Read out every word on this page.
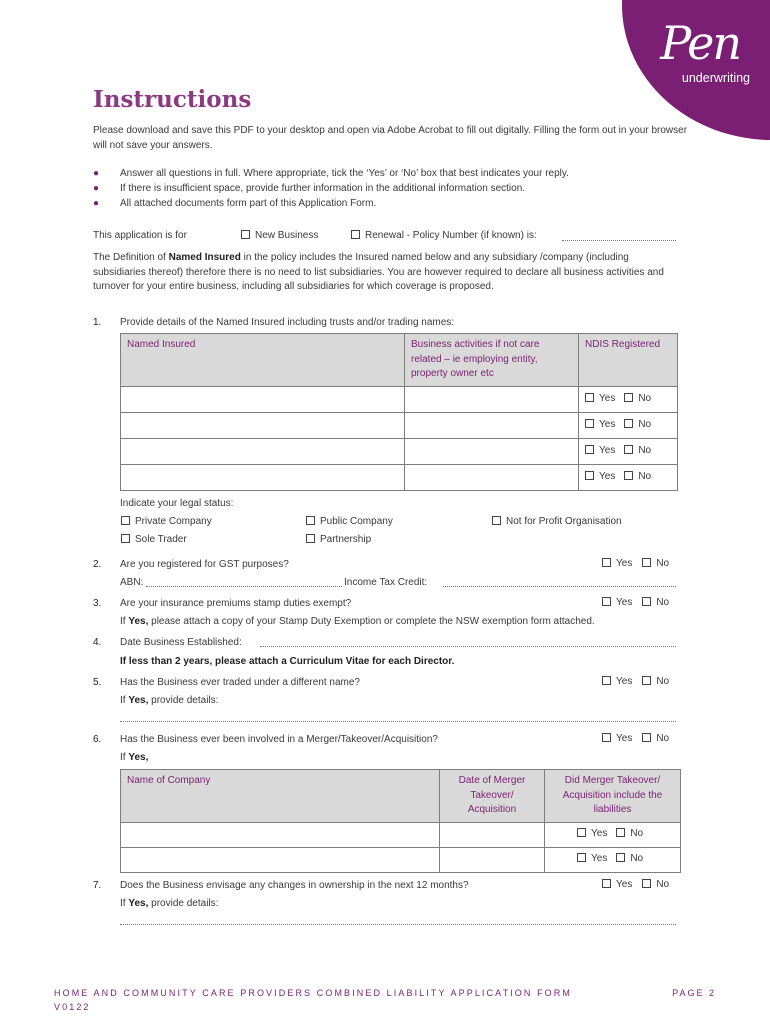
Pen
underwriting
Instructions
Please download and save this PDF to your desktop and open via Adobe Acrobat to fill out digitally. Filling the form out in your browser will not save your answers.
● Answer all questions in full. Where appropriate, tick the ‘Yes’ or ‘No’ box that best indicates your reply.
● If there is insufficient space, provide further information in the additional information section.
● All attached documents form part of this Application Form.
This application is for	New Business	Renewal - Policy Number (if known) is:
The Definition of Named Insured in the policy includes the Insured named below and any subsidiary /company (including subsidiaries thereof) therefore there is no need to list subsidiaries. You are however required to declare all business activities and turnover for your entire business, including all subsidiaries for which coverage is proposed.
1. Provide details of the Named Insured including trusts and/or trading names:
Named Insured	Business activities if not care related – ie employing entity, property owner etc	NDIS Registered

		Yes No

		Yes No

		Yes No

		Yes No
Indicate your legal status:
Private Company	Public Company	Not for Profit Organisation
Sole Trader	Partnership
2. Are you registered for GST purposes?	Yes No
ABN:	Income Tax Credit:
3. Are your insurance premiums stamp duties exempt?	Yes No
If Yes, please attach a copy of your Stamp Duty Exemption or complete the NSW exemption form attached.
4. Date Business Established:
If less than 2 years, please attach a Curriculum Vitae for each Director.
5. Has the Business ever traded under a different name?	Yes No
If Yes, provide details:
6. Has the Business ever been involved in a Merger/Takeover/Acquisition?	Yes No
If Yes,
Name of Company	Date of Merger Takeover/ Acquisition	Did Merger Takeover/ Acquisition include the liabilities

		Yes No

		Yes No
7. Does the Business envisage any changes in ownership in the next 12 months?	Yes No
If Yes, provide details:
HOME AND COMMUNITY CARE PROVIDERS COMBINED LIABILITY APPLICATION FORM
V0122
PAGE 2
